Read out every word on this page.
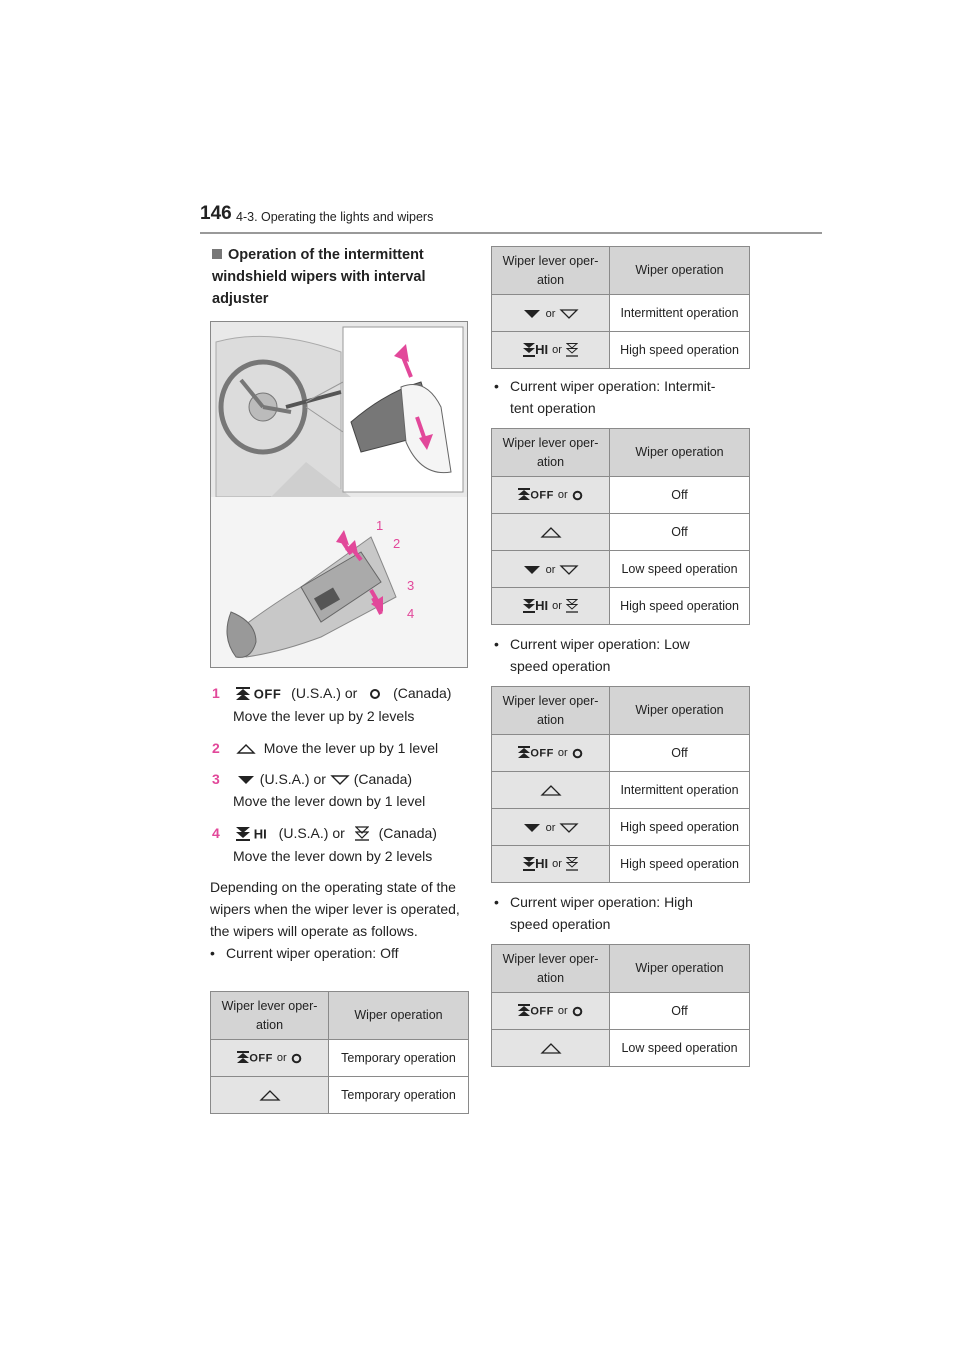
146 4-3. Operating the lights and wipers
Operation of the intermittent windshield wipers with interval adjuster
1
2
3
4
1	OFF (U.S.A.) or	(Canada)
Move the lever up by 2 levels
2	Move the lever up by 1 level
3	(U.S.A.) or (Canada)
Move the lever down by 1 level
4	HI (U.S.A.) or (Canada)
Move the lever down by 2 levels
Depending on the operating state of the wipers when the wiper lever is operated, the wipers will operate as follows.
• Current wiper operation: Off
Wiper lever oper-
ation	Wiper operation
OFF or	Temporary operation
	Temporary operation
Wiper lever oper-
ation	Wiper operation
or	Intermittent operation
HI or	High speed operation
• Current wiper operation: Intermit-
tent operation
Wiper lever oper-
ation	Wiper operation
OFF or	Off
	Off
or	Low speed operation
HI or	High speed operation
• Current wiper operation: Low
speed operation
Wiper lever oper-
ation	Wiper operation
OFF or	Off
	Intermittent operation
or	High speed operation
HI or	High speed operation
• Current wiper operation: High
speed operation
Wiper lever oper-
ation	Wiper operation
OFF or	Off
	Low speed operation
